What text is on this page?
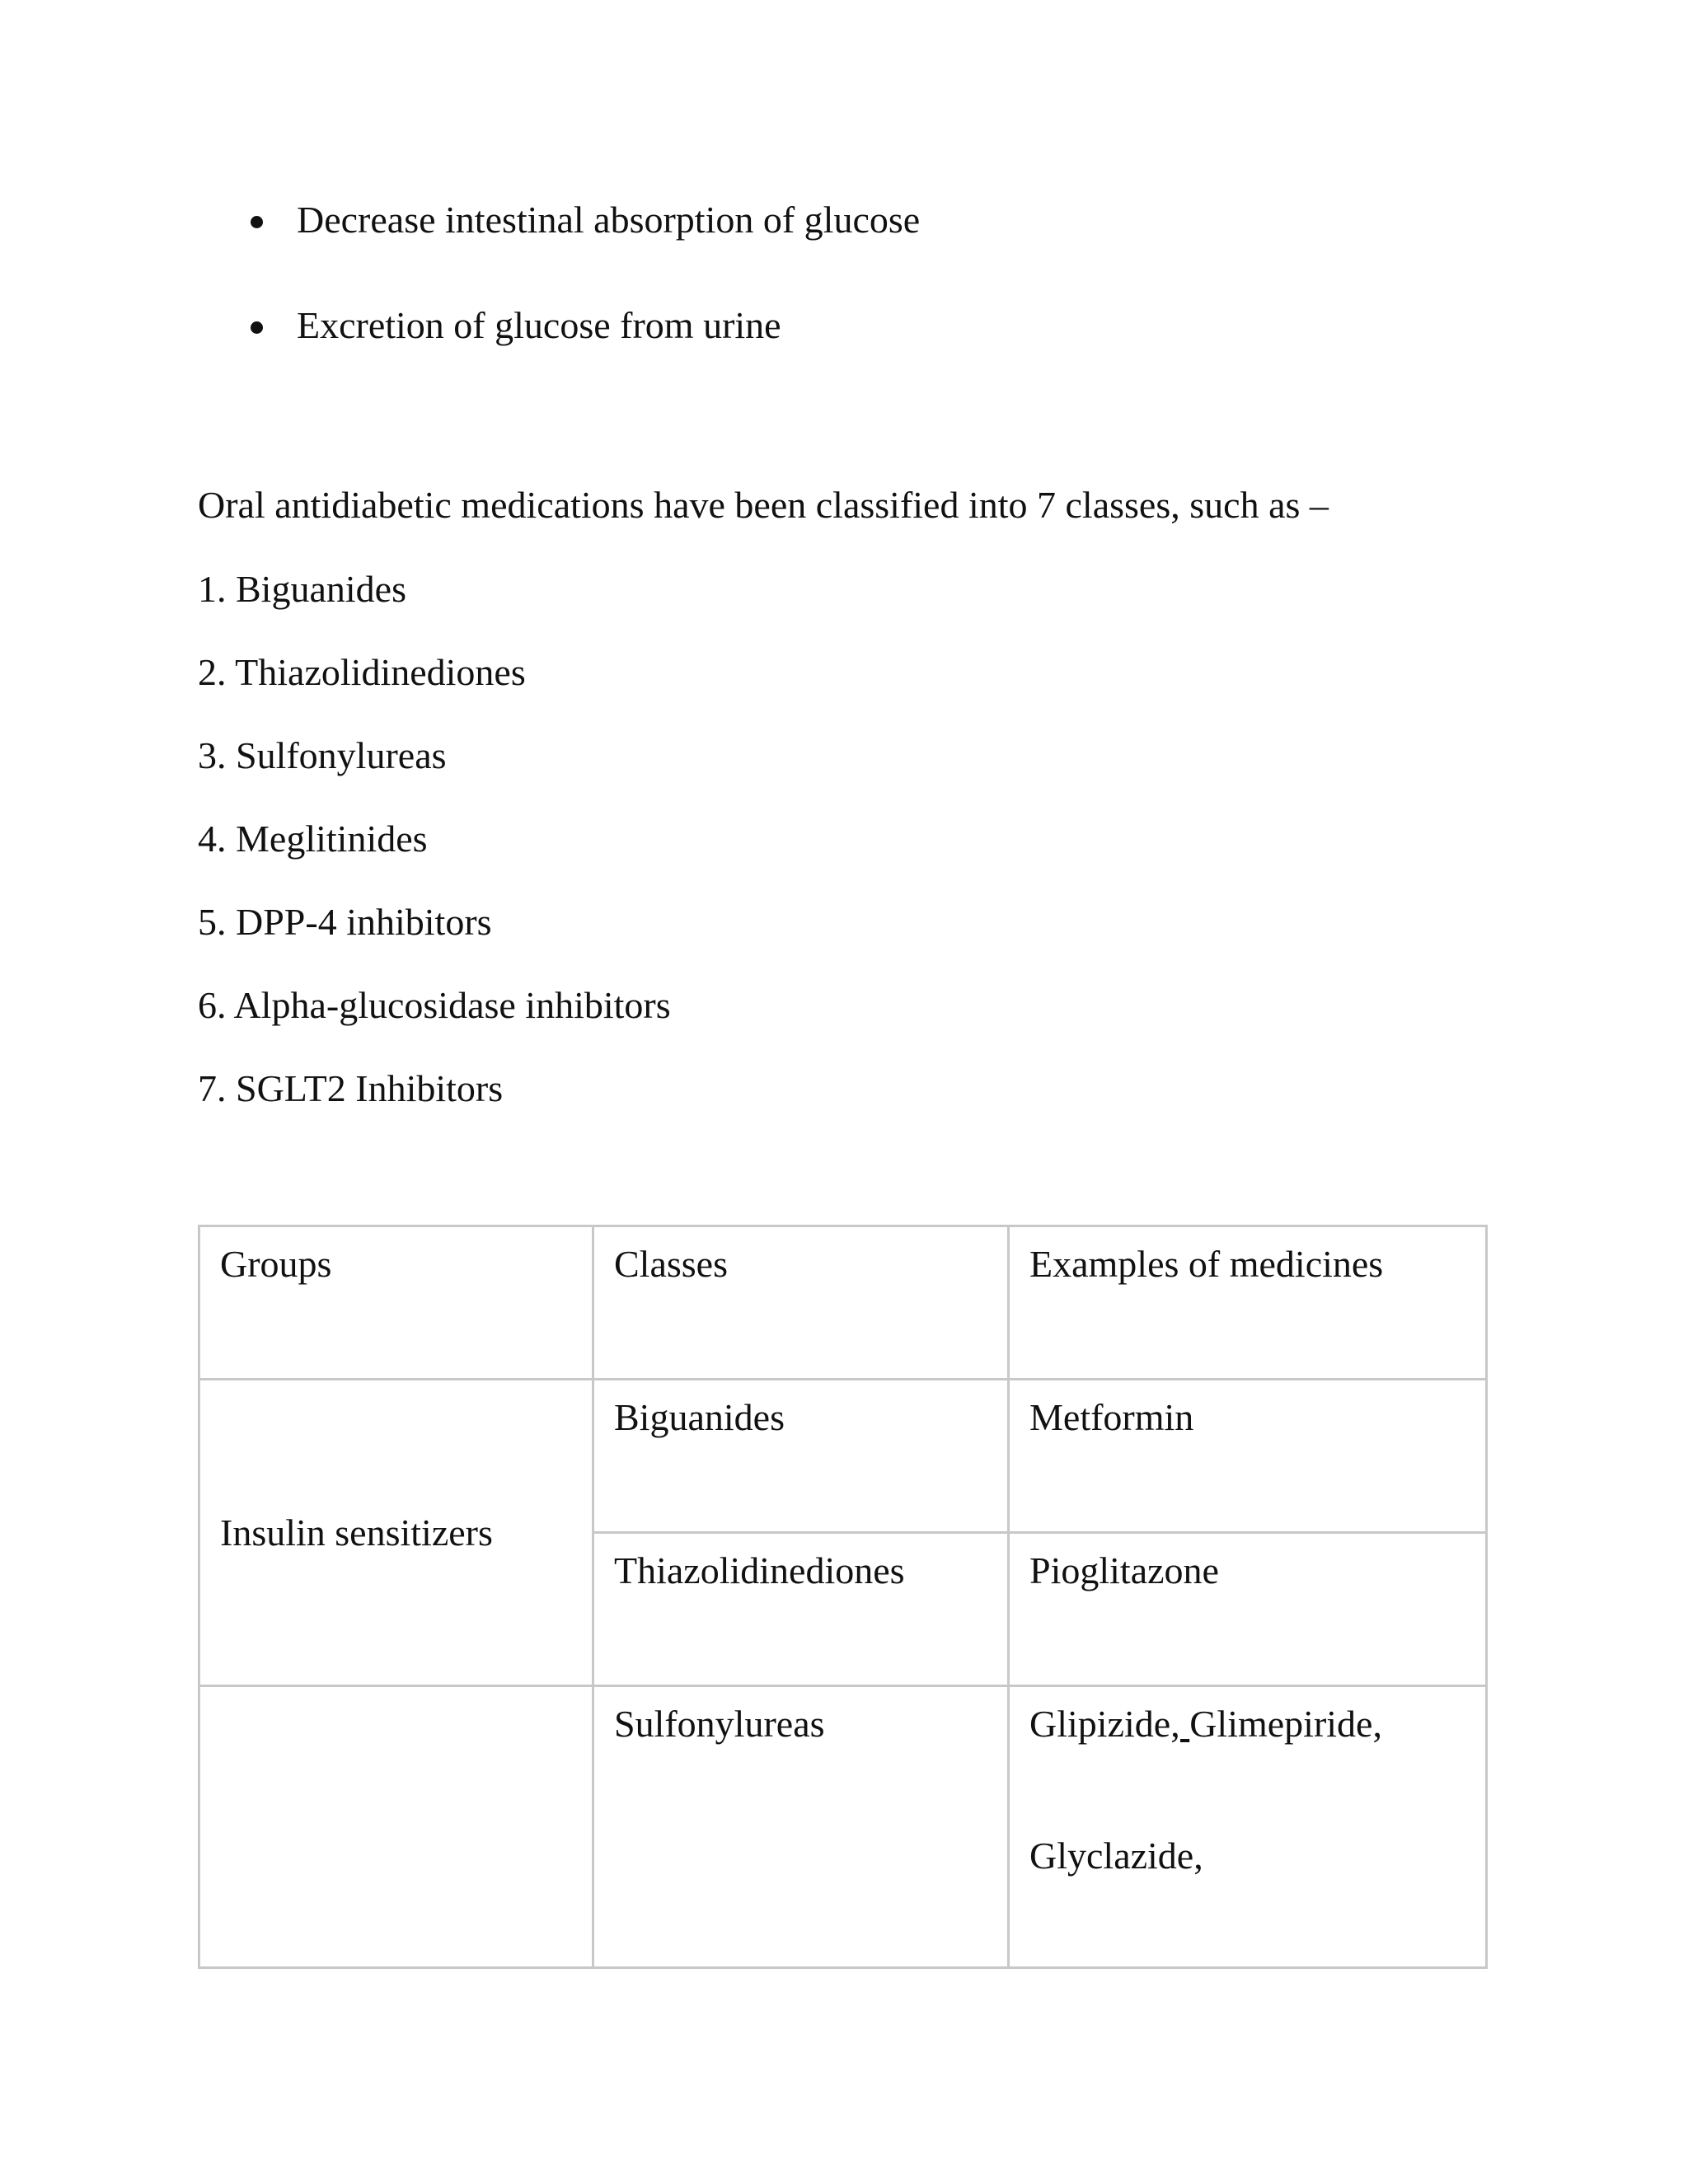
Decrease intestinal absorption of glucose
Excretion of glucose from urine

Oral antidiabetic medications have been classified into 7 classes, such as –

1. Biguanides
2. Thiazolidinediones
3. Sulfonylureas
4. Meglitinides
5. DPP-4 inhibitors
6. Alpha-glucosidase inhibitors
7. SGLT2 Inhibitors
Groups	Classes	Examples of medicines
Insulin sensitizers	Biguanides	Metformin
	Thiazolidinediones	Pioglitazone
	Sulfonylureas	Glipizide, Glimepiride,
Glyclazide,
